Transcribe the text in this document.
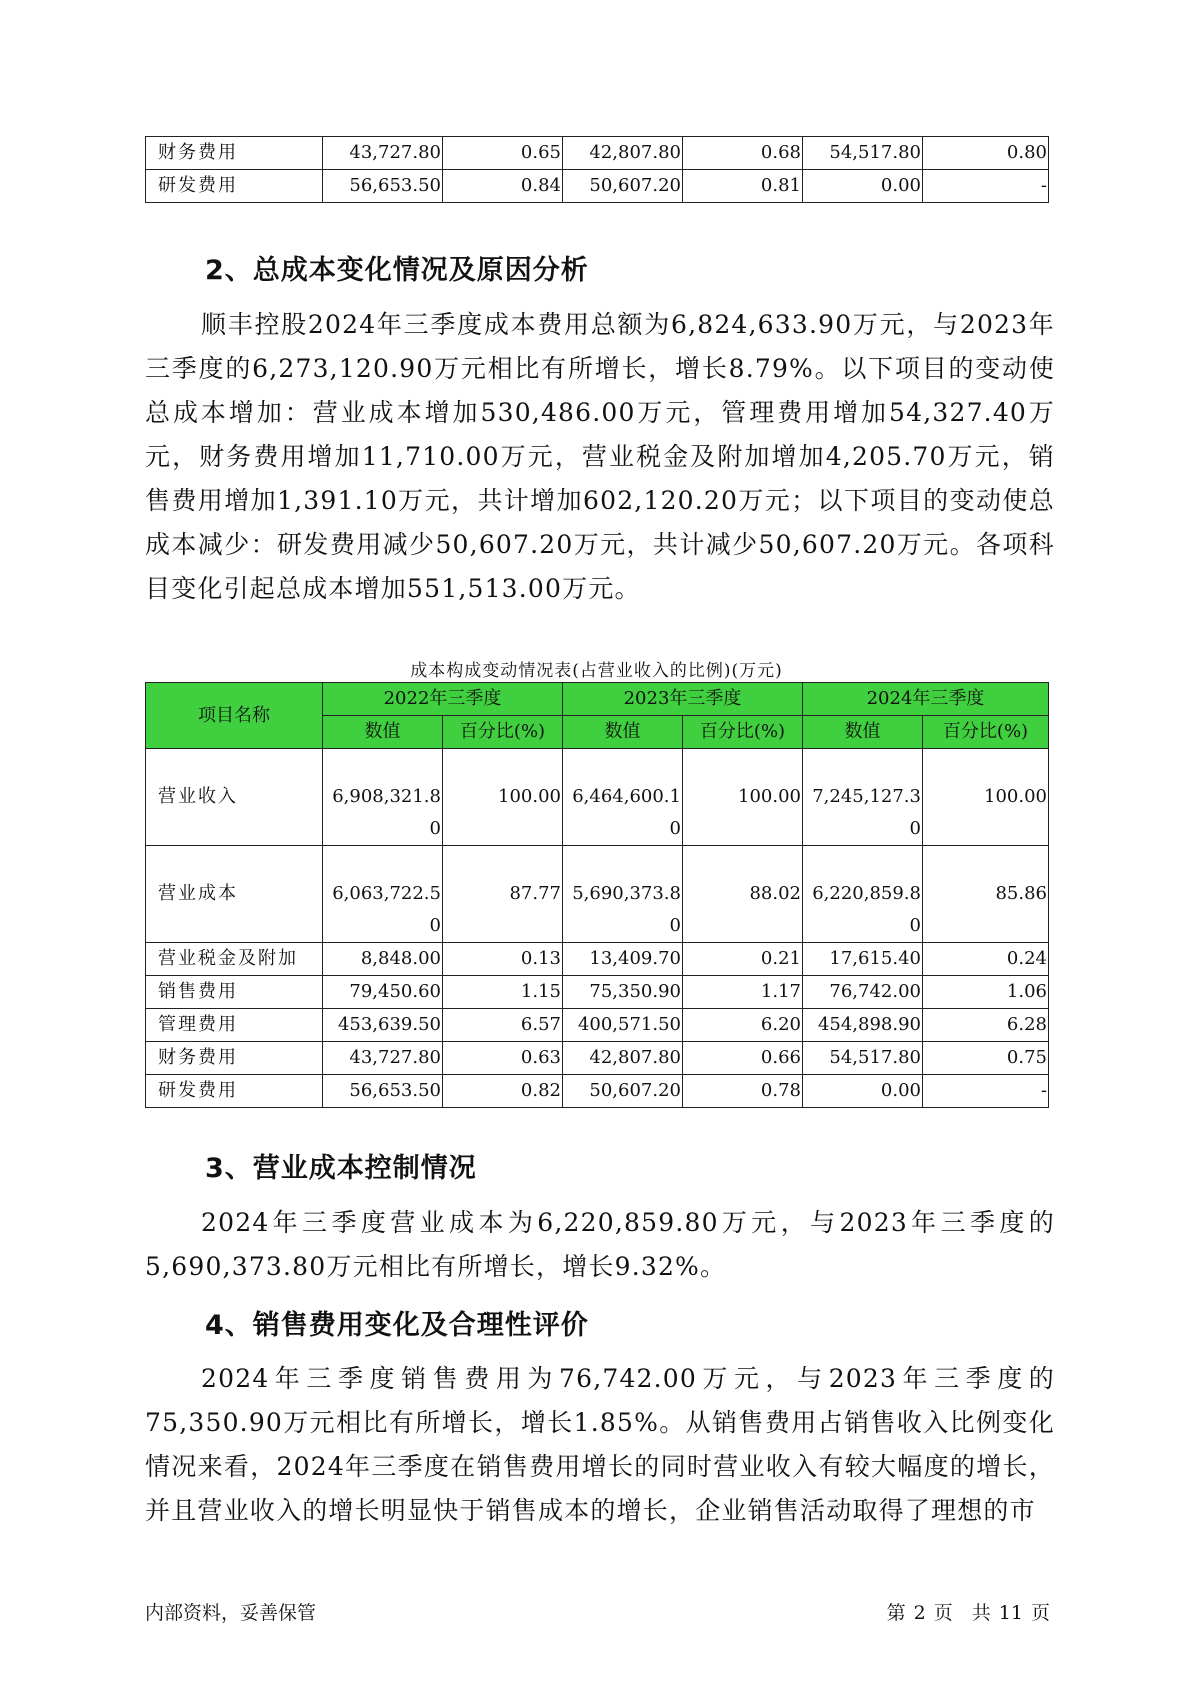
财务费用	43,727.80	0.65	42,807.80	0.68	54,517.80	0.80
研发费用	56,653.50	0.84	50,607.20	0.81	0.00	-
2、总成本变化情况及原因分析
顺丰控股2024年三季度成本费用总额为6,824,633.90万元，与2023年三季度的6,273,120.90万元相比有所增长，增长8.79%。以下项目的变动使总成本增加：营业成本增加530,486.00万元，管理费用增加54,327.40万元，财务费用增加11,710.00万元，营业税金及附加增加4,205.70万元，销售费用增加1,391.10万元，共计增加602,120.20万元；以下项目的变动使总成本减少：研发费用减少50,607.20万元，共计减少50,607.20万元。各项科目变化引起总成本增加551,513.00万元。
成本构成变动情况表(占营业收入的比例)(万元)
项目名称	2022年三季度		2023年三季度		2024年三季度	
	数值	百分比(%)	数值	百分比(%)	数值	百分比(%)
营业收入	6,908,321.80	100.00	6,464,600.10	100.00	7,245,127.30	100.00
营业成本	6,063,722.50	87.77	5,690,373.80	88.02	6,220,859.80	85.86
营业税金及附加	8,848.00	0.13	13,409.70	0.21	17,615.40	0.24
销售费用	79,450.60	1.15	75,350.90	1.17	76,742.00	1.06
管理费用	453,639.50	6.57	400,571.50	6.20	454,898.90	6.28
财务费用	43,727.80	0.63	42,807.80	0.66	54,517.80	0.75
研发费用	56,653.50	0.82	50,607.20	0.78	0.00	-
3、营业成本控制情况
2024年三季度营业成本为6,220,859.80万元，与2023年三季度的5,690,373.80万元相比有所增长，增长9.32%。
4、销售费用变化及合理性评价
2024年三季度销售费用为76,742.00万元，与2023年三季度的75,350.90万元相比有所增长，增长1.85%。从销售费用占销售收入比例变化情况来看，2024年三季度在销售费用增长的同时营业收入有较大幅度的增长，并且营业收入的增长明显快于销售成本的增长，企业销售活动取得了理想的市
内部资料，妥善保管	第 2 页　共 11 页
